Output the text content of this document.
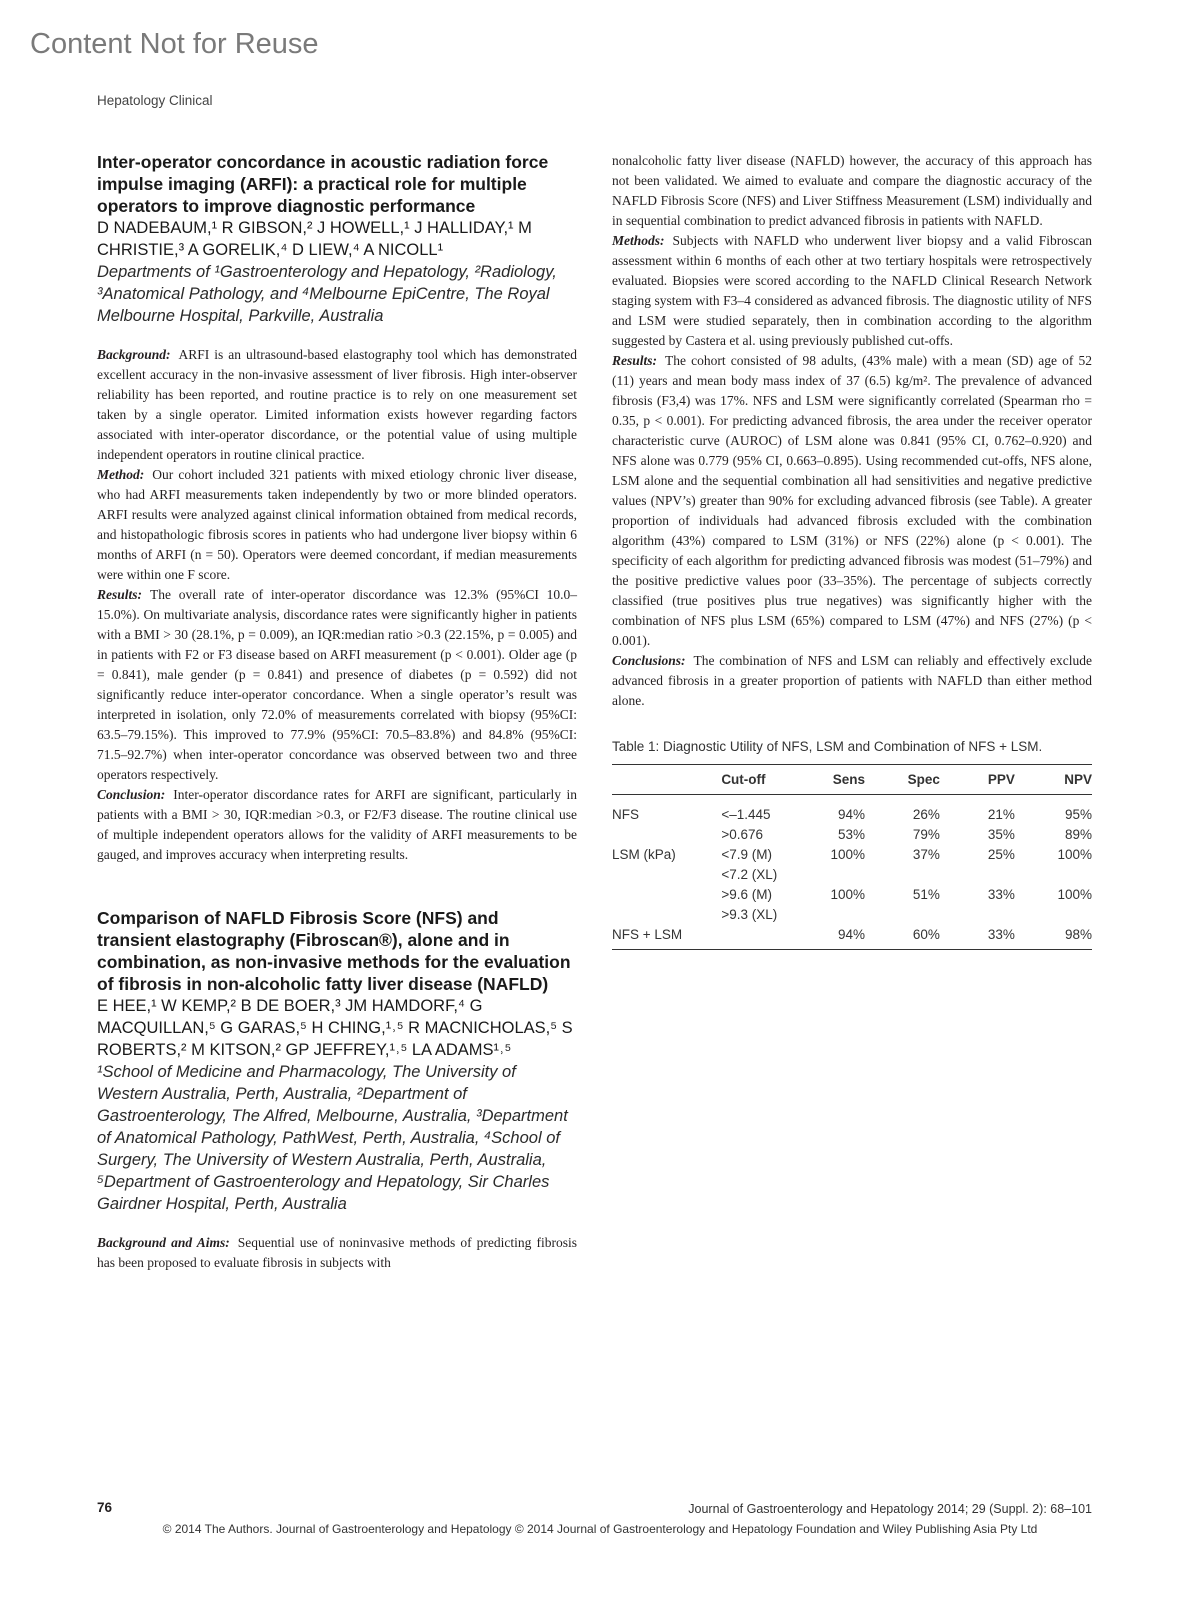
Content Not for Reuse
Hepatology Clinical
Inter-operator concordance in acoustic radiation force impulse imaging (ARFI): a practical role for multiple operators to improve diagnostic performance

D NADEBAUM,¹ R GIBSON,² J HOWELL,¹ J HALLIDAY,¹ M CHRISTIE,³ A GORELIK,⁴ D LIEW,⁴ A NICOLL¹

Departments of ¹Gastroenterology and Hepatology, ²Radiology, ³Anatomical Pathology, and ⁴Melbourne EpiCentre, The Royal Melbourne Hospital, Parkville, Australia

Background: ARFI is an ultrasound-based elastography tool which has demonstrated excellent accuracy in the non-invasive assessment of liver fibrosis. High inter-observer reliability has been reported, and routine practice is to rely on one measurement set taken by a single operator. Limited information exists however regarding factors associated with inter-operator discordance, or the potential value of using multiple independent operators in routine clinical practice.

Method: Our cohort included 321 patients with mixed etiology chronic liver disease, who had ARFI measurements taken independently by two or more blinded operators. ARFI results were analyzed against clinical information obtained from medical records, and histopathologic fibrosis scores in patients who had undergone liver biopsy within 6 months of ARFI (n = 50). Operators were deemed concordant, if median measurements were within one F score.

Results: The overall rate of inter-operator discordance was 12.3% (95%CI 10.0–15.0%). On multivariate analysis, discordance rates were significantly higher in patients with a BMI > 30 (28.1%, p = 0.009), an IQR:median ratio >0.3 (22.15%, p = 0.005) and in patients with F2 or F3 disease based on ARFI measurement (p < 0.001). Older age (p = 0.841), male gender (p = 0.841) and presence of diabetes (p = 0.592) did not significantly reduce inter-operator concordance. When a single operator’s result was interpreted in isolation, only 72.0% of measurements correlated with biopsy (95%CI: 63.5–79.15%). This improved to 77.9% (95%CI: 70.5–83.8%) and 84.8% (95%CI: 71.5–92.7%) when inter-operator concordance was observed between two and three operators respectively.

Conclusion: Inter-operator discordance rates for ARFI are significant, particularly in patients with a BMI > 30, IQR:median >0.3, or F2/F3 disease. The routine clinical use of multiple independent operators allows for the validity of ARFI measurements to be gauged, and improves accuracy when interpreting results.

Comparison of NAFLD Fibrosis Score (NFS) and transient elastography (Fibroscan®), alone and in combination, as non-invasive methods for the evaluation of fibrosis in non-alcoholic fatty liver disease (NAFLD)

E HEE,¹ W KEMP,² B DE BOER,³ JM HAMDORF,⁴ G MACQUILLAN,⁵ G GARAS,⁵ H CHING,¹˒⁵ R MACNICHOLAS,⁵ S ROBERTS,² M KITSON,² GP JEFFREY,¹˒⁵ LA ADAMS¹˒⁵

¹School of Medicine and Pharmacology, The University of Western Australia, Perth, Australia, ²Department of Gastroenterology, The Alfred, Melbourne, Australia, ³Department of Anatomical Pathology, PathWest, Perth, Australia, ⁴School of Surgery, The University of Western Australia, Perth, Australia, ⁵Department of Gastroenterology and Hepatology, Sir Charles Gairdner Hospital, Perth, Australia

Background and Aims: Sequential use of noninvasive methods of predicting fibrosis has been proposed to evaluate fibrosis in subjects with

nonalcoholic fatty liver disease (NAFLD) however, the accuracy of this approach has not been validated. We aimed to evaluate and compare the diagnostic accuracy of the NAFLD Fibrosis Score (NFS) and Liver Stiffness Measurement (LSM) individually and in sequential combination to predict advanced fibrosis in patients with NAFLD.

Methods: Subjects with NAFLD who underwent liver biopsy and a valid Fibroscan assessment within 6 months of each other at two tertiary hospitals were retrospectively evaluated. Biopsies were scored according to the NAFLD Clinical Research Network staging system with F3–4 considered as advanced fibrosis. The diagnostic utility of NFS and LSM were studied separately, then in combination according to the algorithm suggested by Castera et al. using previously published cut-offs.

Results: The cohort consisted of 98 adults, (43% male) with a mean (SD) age of 52 (11) years and mean body mass index of 37 (6.5) kg/m². The prevalence of advanced fibrosis (F3,4) was 17%. NFS and LSM were significantly correlated (Spearman rho = 0.35, p < 0.001). For predicting advanced fibrosis, the area under the receiver operator characteristic curve (AUROC) of LSM alone was 0.841 (95% CI, 0.762–0.920) and NFS alone was 0.779 (95% CI, 0.663–0.895). Using recommended cut-offs, NFS alone, LSM alone and the sequential combination all had sensitivities and negative predictive values (NPV’s) greater than 90% for excluding advanced fibrosis (see Table). A greater proportion of individuals had advanced fibrosis excluded with the combination algorithm (43%) compared to LSM (31%) or NFS (22%) alone (p < 0.001). The specificity of each algorithm for predicting advanced fibrosis was modest (51–79%) and the positive predictive values poor (33–35%). The percentage of subjects correctly classified (true positives plus true negatives) was significantly higher with the combination of NFS plus LSM (65%) compared to LSM (47%) and NFS (27%) (p < 0.001).

Conclusions: The combination of NFS and LSM can reliably and effectively exclude advanced fibrosis in a greater proportion of patients with NAFLD than either method alone.

Table 1: Diagnostic Utility of NFS, LSM and Combination of NFS + LSM.
	Cut-off	Sens	Spec	PPV	NPV
NFS	<–1.445	94%	26%	21%	95%
	>0.676	53%	79%	35%	89%
LSM (kPa)	<7.9 (M)	100%	37%	25%	100%
	<7.2 (XL)				
	>9.6 (M)	100%	51%	33%	100%
	>9.3 (XL)				
NFS + LSM		94%	60%	33%	98%
76	Journal of Gastroenterology and Hepatology 2014; 29 (Suppl. 2): 68–101
© 2014 The Authors. Journal of Gastroenterology and Hepatology © 2014 Journal of Gastroenterology and Hepatology Foundation and Wiley Publishing Asia Pty Ltd
